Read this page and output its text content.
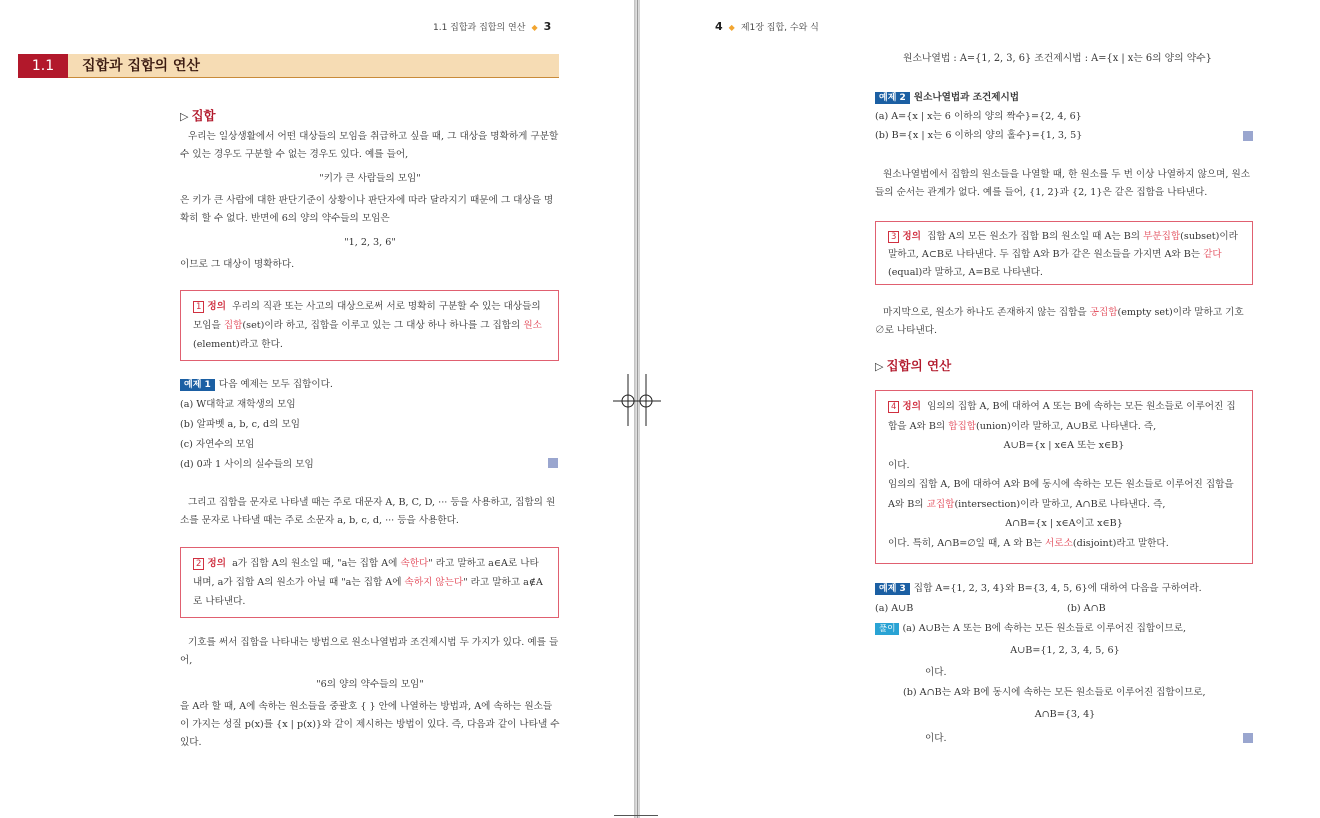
1.1 집합과 집합의 연산 ◆ 3
1.1	집합과 집합의 연산
▷ 집합
우리는 일상생활에서 어떤 대상들의 모임을 취급하고 싶을 때, 그 대상을 명확하게 구분할 수 있는 경우도 구분할 수 없는 경우도 있다. 예를 들어,
"키가 큰 사람들의 모임"
은 키가 큰 사람에 대한 판단기준이 상황이나 판단자에 따라 달라지기 때문에 그 대상을 명확히 할 수 없다. 반면에 6의 양의 약수들의 모임은
"1, 2, 3, 6"
이므로 그 대상이 명확하다.
1 정의 우리의 직관 또는 사고의 대상으로써 서로 명확히 구분할 수 있는 대상들의 모임을 집합(set)이라 하고, 집합을 이루고 있는 그 대상 하나 하나를 그 집합의 원소(element)라고 한다.
예제 1 다음 예제는 모두 집합이다.
(a) W대학교 재학생의 모임
(b) 알파벳 a, b, c, d의 모임
(c) 자연수의 모임
(d) 0과 1 사이의 실수들의 모임
그리고 집합을 문자로 나타낼 때는 주로 대문자 A, B, C, D, ··· 등을 사용하고, 집합의 원소를 문자로 나타낼 때는 주로 소문자 a, b, c, d, ··· 등을 사용한다.
2 정의 a가 집합 A의 원소일 때, "a는 집합 A에 속한다" 라고 말하고 a∈A로 나타내며, a가 집합 A의 원소가 아닐 때 "a는 집합 A에 속하지 않는다" 라고 말하고 a∉A로 나타낸다.
기호를 써서 집합을 나타내는 방법으로 원소나열법과 조건제시법 두 가지가 있다. 예를 들어,
"6의 양의 약수들의 모임"
을 A라 할 때, A에 속하는 원소들을 중괄호 { } 안에 나열하는 방법과, A에 속하는 원소들이 가지는 성질 p(x)를 {x | p(x)}와 같이 제시하는 방법이 있다. 즉, 다음과 같이 나타낼 수 있다.
4 ◆ 제1장 집합, 수와 식
원소나열법 : A={1, 2, 3, 6} 조건제시법 : A={x | x는 6의 양의 약수}
예제 2 원소나열법과 조건제시법
(a) A={x | x는 6 이하의 양의 짝수}={2, 4, 6}
(b) B={x | x는 6 이하의 양의 홀수}={1, 3, 5}
원소나열법에서 집합의 원소들을 나열할 때, 한 원소를 두 번 이상 나열하지 않으며, 원소들의 순서는 관계가 없다. 예를 들어, {1, 2}과 {2, 1}은 같은 집합을 나타낸다.
3 정의 집합 A의 모든 원소가 집합 B의 원소일 때 A는 B의 부분집합(subset)이라 말하고, A⊂B로 나타낸다. 두 집합 A와 B가 같은 원소들을 가지면 A와 B는 같다(equal)라 말하고, A=B로 나타낸다.
마지막으로, 원소가 하나도 존재하지 않는 집합을 공집합(empty set)이라 말하고 기호 ∅로 나타낸다.
▷ 집합의 연산
4 정의 임의의 집합 A, B에 대하여 A 또는 B에 속하는 모든 원소들로 이루어진 집합을 A와 B의 합집합(union)이라 말하고, A∪B로 나타낸다. 즉,
A∪B={x | x∈A 또는 x∈B}
이다.
임의의 집합 A, B에 대하여 A와 B에 동시에 속하는 모든 원소들로 이루어진 집합을 A와 B의 교집합(intersection)이라 말하고, A∩B로 나타낸다. 즉,
A∩B={x | x∈A이고 x∈B}
이다. 특히, A∩B=∅일 때, A 와 B는 서로소(disjoint)라고 말한다.
예제 3 집합 A={1, 2, 3, 4}와 B={3, 4, 5, 6}에 대하여 다음을 구하여라.
(a) A∪B	(b) A∩B
풀이 (a) A∪B는 A 또는 B에 속하는 모든 원소들로 이루어진 집합이므로,
A∪B={1, 2, 3, 4, 5, 6}
이다.
(b) A∩B는 A와 B에 동시에 속하는 모든 원소들로 이루어진 집합이므로,
A∩B={3, 4}
이다.
